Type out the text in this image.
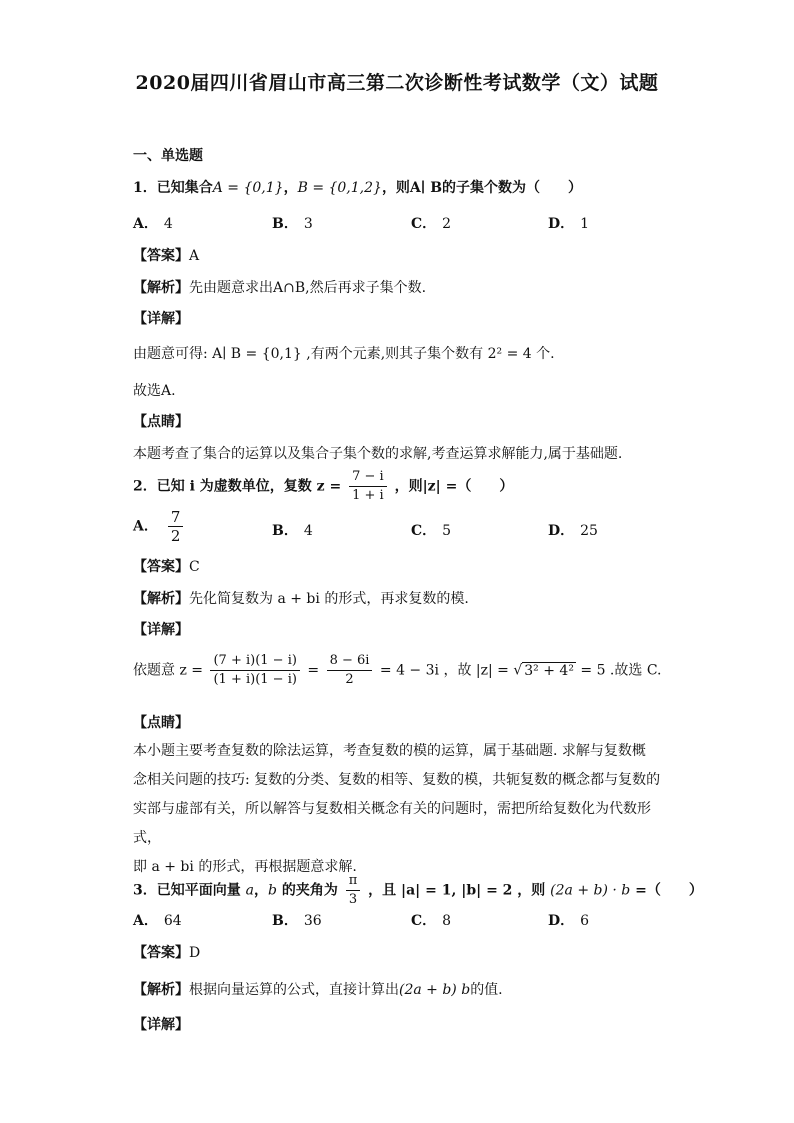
2020届四川省眉山市高三第二次诊断性考试数学（文）试题
一、单选题
1．已知集合A = {0,1}，B = {0,1,2}，则A∣ B的子集个数为（　　）
A． 4	B． 3	C． 2	D． 1
【答案】A
【解析】先由题意求出A∩B,然后再求子集个数.
【详解】
由题意可得: A∣ B = {0,1} ,有两个元素,则其子集个数有 2² = 4 个.
故选A.
【点睛】
本题考查了集合的运算以及集合子集个数的求解,考查运算求解能力,属于基础题.
2．已知 i 为虚数单位，复数 $z = \frac{7 - i}{1 + i}$ ，则|z| =（　　）
A． $\frac{7}{2}$	B． 4	C． 5	D． 25
【答案】C
【解析】先化简复数为 a + bi 的形式，再求复数的模.
【详解】
依题意 $z = \frac{(7 + i)(1 - i)}{(1 + i)(1 - i)} = \frac{8 - 6i}{2} = 4 - 3i$ ，故 |z| = √ 3² + 4² = 5 .故选 C.
【点睛】
本小题主要考查复数的除法运算，考查复数的模的运算，属于基础题. 求解与复数概
念相关问题的技巧: 复数的分类、复数的相等、复数的模，共轭复数的概念都与复数的
实部与虚部有关，所以解答与复数相关概念有关的问题时，需把所给复数化为代数形式，
即 a + bi 的形式，再根据题意求解.
3．已知平面向量 a，b 的夹角为 $\frac{\pi}{3}$ ，且 |a| = 1, |b| = 2 ，则 (2a + b) · b =（　　）
A． 64	B． 36	C． 8	D． 6
【答案】D
【解析】根据向量运算的公式，直接计算出(2a + b) b的值.
【详解】
